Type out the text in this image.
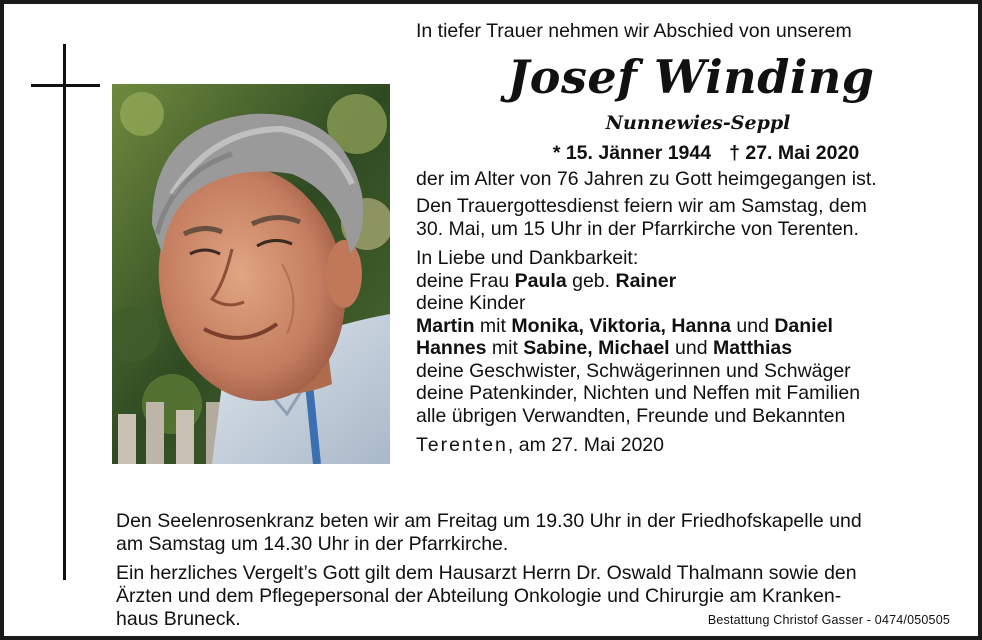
In tiefer Trauer nehmen wir Abschied von unserem
Josef Winding
Nunnewies-Seppl
* 15. Jänner 1944 † 27. Mai 2020
der im Alter von 76 Jahren zu Gott heimgegangen ist.
Den Trauergottesdienst feiern wir am Samstag, dem
30. Mai, um 15 Uhr in der Pfarrkirche von Terenten.
In Liebe und Dankbarkeit:
deine Frau Paula geb. Rainer
deine Kinder
Martin mit Monika, Viktoria, Hanna und Daniel
Hannes mit Sabine, Michael und Matthias
deine Geschwister, Schwägerinnen und Schwäger
deine Patenkinder, Nichten und Neffen mit Familien
alle übrigen Verwandten, Freunde und Bekannten
Terenten, am 27. Mai 2020
Den Seelenrosenkranz beten wir am Freitag um 19.30 Uhr in der Friedhofskapelle und
am Samstag um 14.30 Uhr in der Pfarrkirche.
Ein herzliches Vergelt’s Gott gilt dem Hausarzt Herrn Dr. Oswald Thalmann sowie den
Ärzten und dem Pflegepersonal der Abteilung Onkologie und Chirurgie am Kranken-
haus Bruneck.	Bestattung Christof Gasser - 0474/050505
